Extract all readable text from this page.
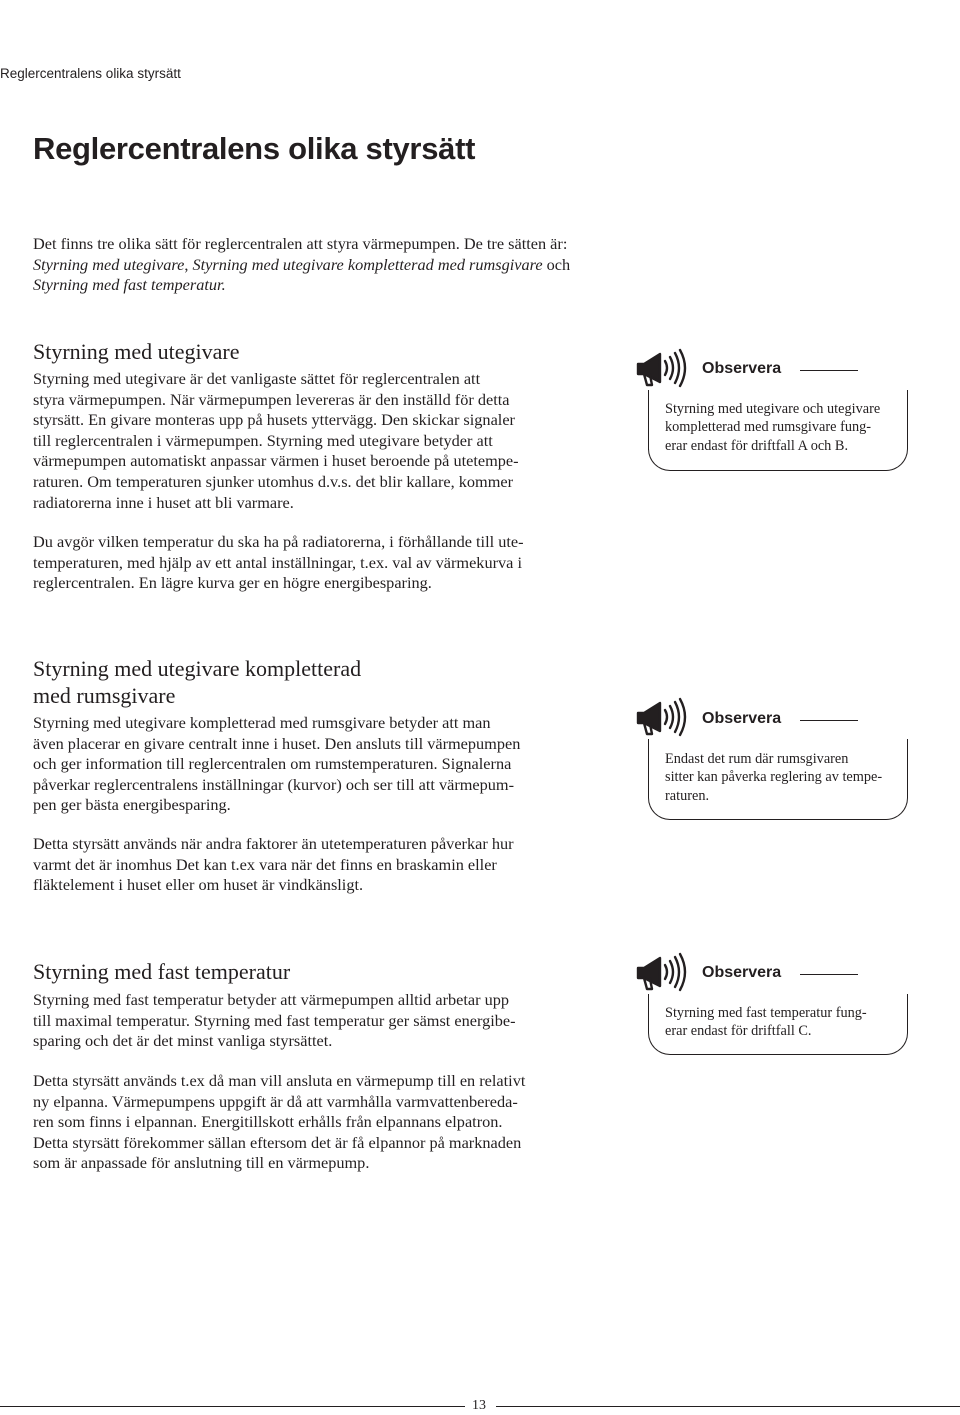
Reglercentralens olika styrsätt
Reglercentralens olika styrsätt

Det finns tre olika sätt för reglercentralen att styra värmepumpen. De tre sätten är: Styrning med utegivare, Styrning med utegivare kompletterad med rumsgivare och Styrning med fast temperatur.

Styrning med utegivare
Styrning med utegivare är det vanligaste sättet för reglercentralen att
styra värmepumpen. När värmepumpen levereras är den inställd för detta
styrsätt. En givare monteras upp på husets yttervägg. Den skickar signaler
till reglercentralen i värmepumpen. Styrning med utegivare betyder att
värmepumpen automatiskt anpassar värmen i huset beroende på utetempe-
raturen. Om temperaturen sjunker utomhus d.v.s. det blir kallare, kommer
radiatorerna inne i huset att bli varmare.
Du avgör vilken temperatur du ska ha på radiatorerna, i förhållande till ute-
temperaturen, med hjälp av ett antal inställningar, t.ex. val av värmekurva i
reglercentralen. En lägre kurva ger en högre energibesparing.
Observera
Styrning med utegivare och utegivare
kompletterad med rumsgivare fung-
erar endast för driftfall A och B.
Styrning med utegivare kompletterad
med rumsgivare
Styrning med utegivare kompletterad med rumsgivare betyder att man
även placerar en givare centralt inne i huset. Den ansluts till värmepumpen
och ger information till reglercentralen om rumstemperaturen. Signalerna
påverkar reglercentralens inställningar (kurvor) och ser till att värmepum-
pen ger bästa energibesparing.
Detta styrsätt används när andra faktorer än utetemperaturen påverkar hur
varmt det är inomhus Det kan t.ex vara när det finns en braskamin eller
fläktelement i huset eller om huset är vindkänsligt.
Observera
Endast det rum där rumsgivaren
sitter kan påverka reglering av tempe-
raturen.
Styrning med fast temperatur
Styrning med fast temperatur betyder att värmepumpen alltid arbetar upp
till maximal temperatur. Styrning med fast temperatur ger sämst energibe-
sparing och det är det minst vanliga styrsättet.
Detta styrsätt används t.ex då man vill ansluta en värmepump till en relativt
ny elpanna. Värmepumpens uppgift är då att varmhålla varmvattenbereda-
ren som finns i elpannan. Energitillskott erhålls från elpannans elpatron.
Detta styrsätt förekommer sällan eftersom det är få elpannor på marknaden
som är anpassade för anslutning till en värmepump.
Observera
Styrning med fast temperatur fung-
erar endast för driftfall C.
13
